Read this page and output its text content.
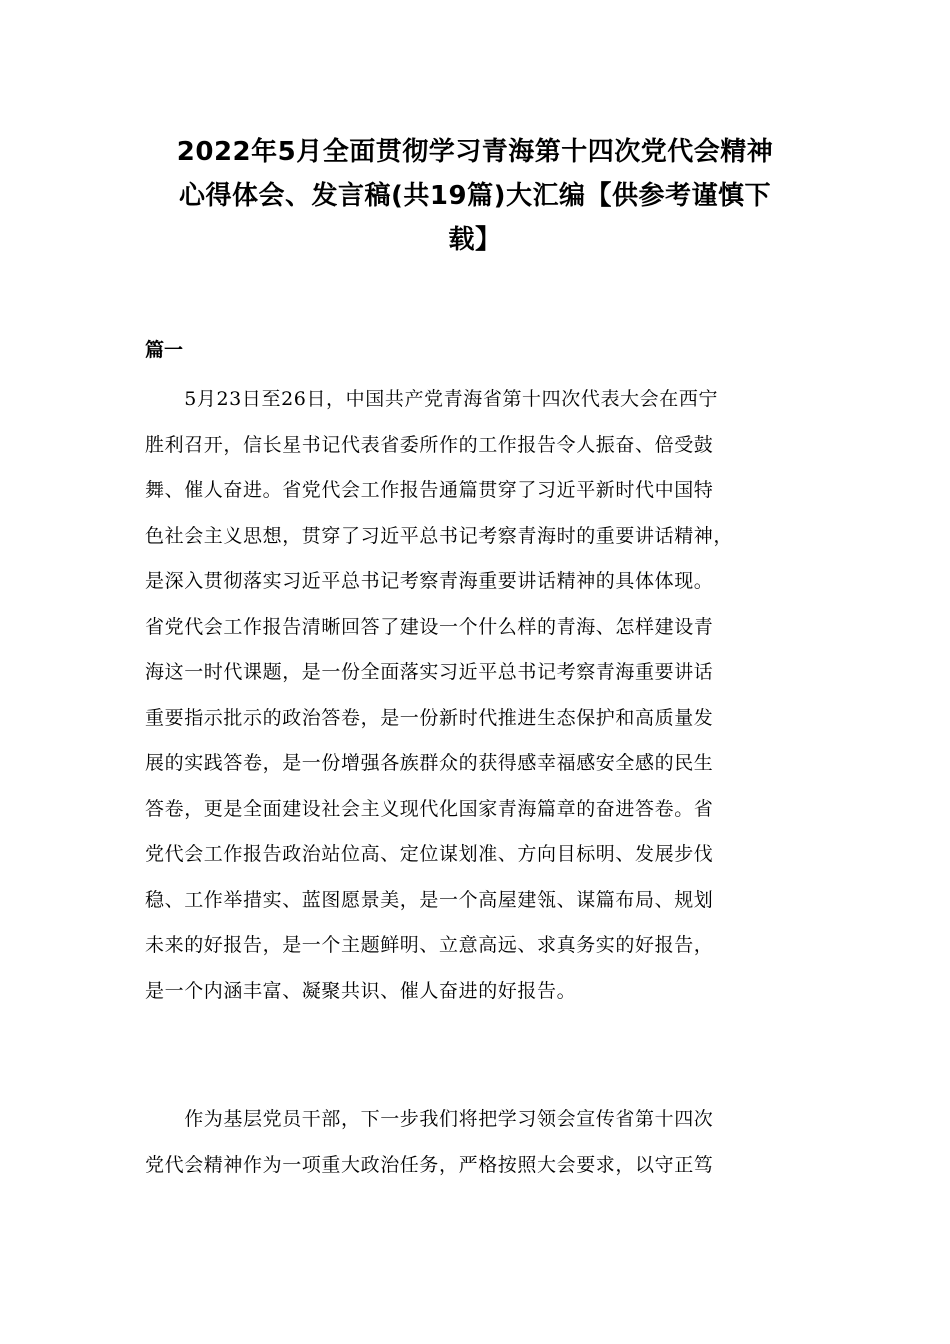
2022年5月全面贯彻学习青海第十四次党代会精神
心得体会、发言稿(共19篇)大汇编【供参考谨慎下
载】
篇一
　　5月23日至26日，中国共产党青海省第十四次代表大会在西宁
胜利召开，信长星书记代表省委所作的工作报告令人振奋、倍受鼓
舞、催人奋进。省党代会工作报告通篇贯穿了习近平新时代中国特
色社会主义思想，贯穿了习近平总书记考察青海时的重要讲话精神，
是深入贯彻落实习近平总书记考察青海重要讲话精神的具体体现。
省党代会工作报告清晰回答了建设一个什么样的青海、怎样建设青
海这一时代课题，是一份全面落实习近平总书记考察青海重要讲话
重要指示批示的政治答卷，是一份新时代推进生态保护和高质量发
展的实践答卷，是一份增强各族群众的获得感幸福感安全感的民生
答卷，更是全面建设社会主义现代化国家青海篇章的奋进答卷。省
党代会工作报告政治站位高、定位谋划准、方向目标明、发展步伐
稳、工作举措实、蓝图愿景美，是一个高屋建瓴、谋篇布局、规划
未来的好报告，是一个主题鲜明、立意高远、求真务实的好报告，
是一个内涵丰富、凝聚共识、催人奋进的好报告。
　　作为基层党员干部，下一步我们将把学习领会宣传省第十四次
党代会精神作为一项重大政治任务，严格按照大会要求，以守正笃
